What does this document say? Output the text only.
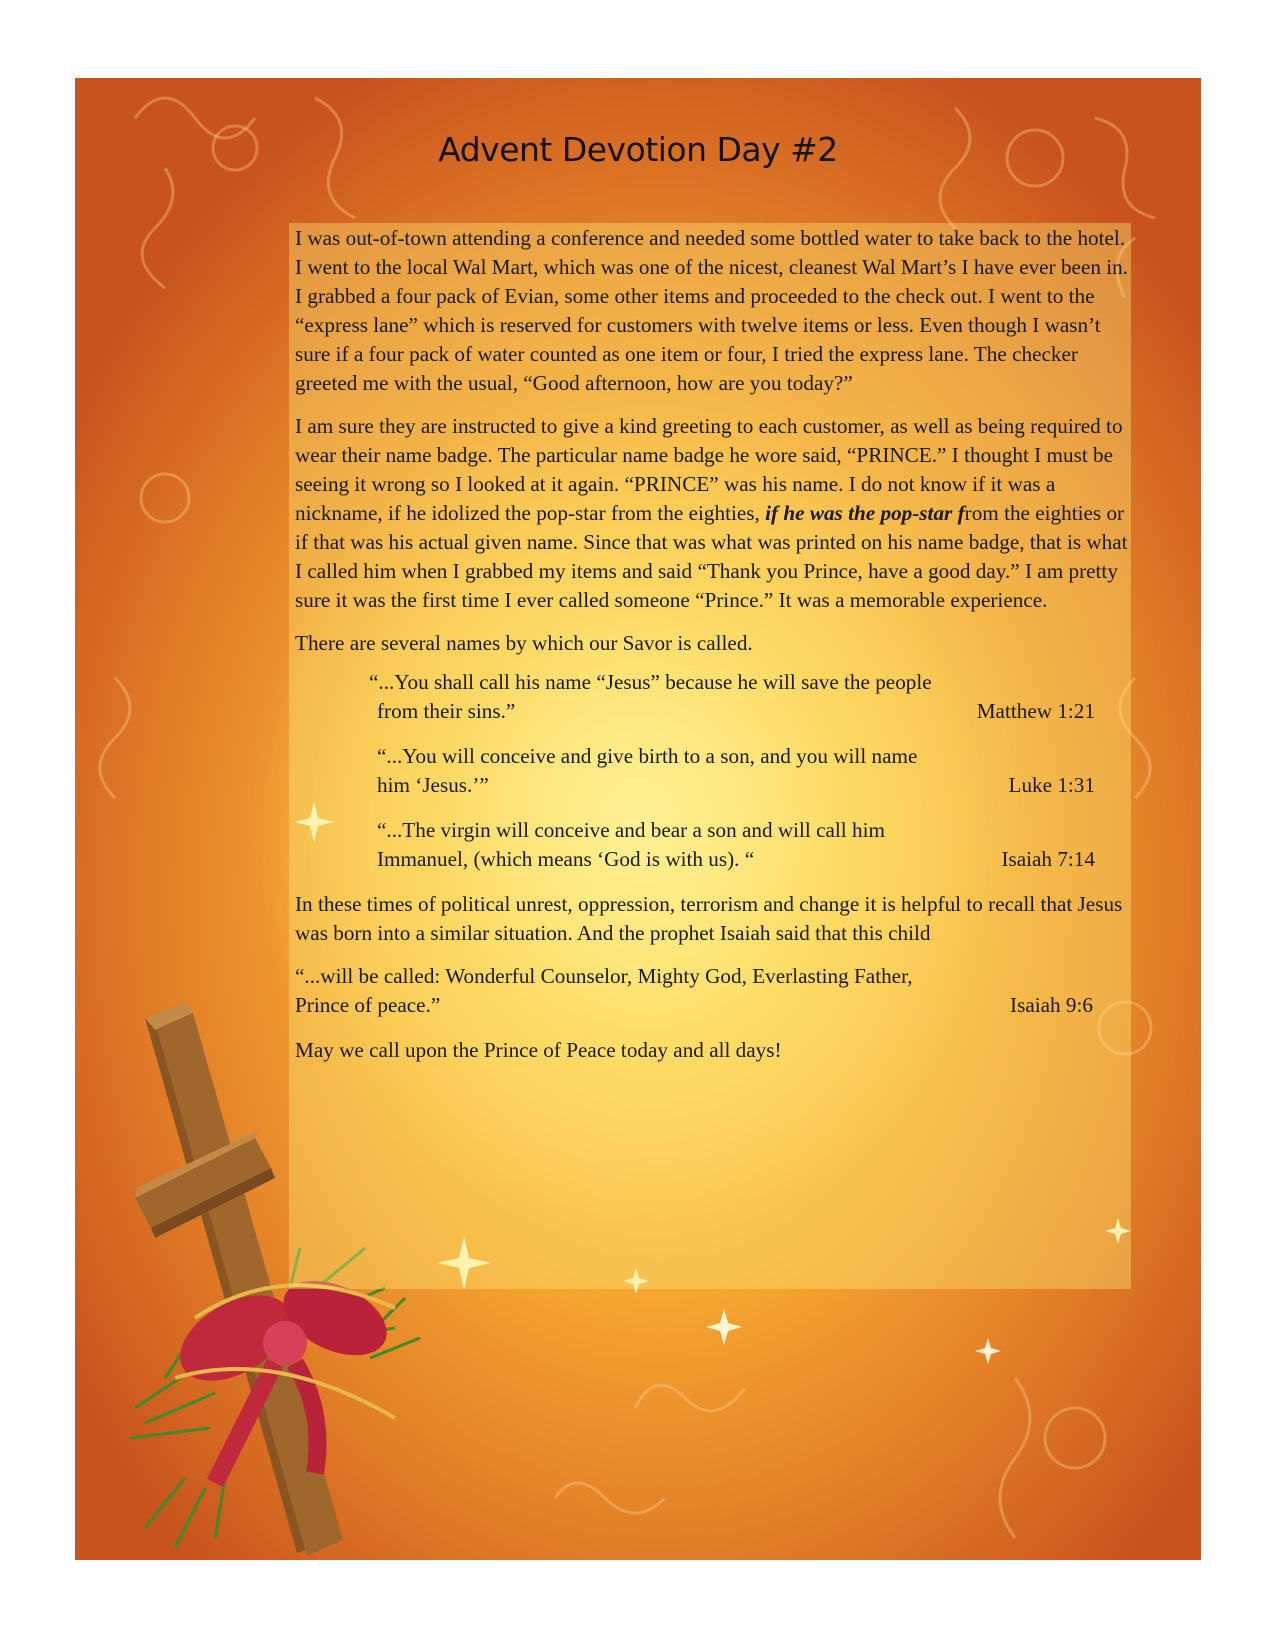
Advent Devotion Day #2

I was out-of-town attending a conference and needed some bottled water to take back to the hotel. I went to the local Wal Mart, which was one of the nicest, cleanest Wal Mart’s I have ever been in. I grabbed a four pack of Evian, some other items and proceeded to the check out. I went to the “express lane” which is reserved for customers with twelve items or less. Even though I wasn’t sure if a four pack of water counted as one item or four, I tried the express lane. The checker greeted me with the usual, “Good afternoon, how are you today?”

I am sure they are instructed to give a kind greeting to each customer, as well as being required to wear their name badge. The particular name badge he wore said, “PRINCE.” I thought I must be seeing it wrong so I looked at it again. “PRINCE” was his name. I do not know if it was a nickname, if he idolized the pop-star from the eighties, if he was the pop-star from the eighties or if that was his actual given name. Since that was what was printed on his name badge, that is what I called him when I grabbed my items and said “Thank you Prince, have a good day.” I am pretty sure it was the first time I ever called someone “Prince.” It was a memorable experience.

There are several names by which our Savor is called.

“...You shall call his name “Jesus” because he will save the people
from their sins.”	Matthew 1:21
“...You will conceive and give birth to a son, and you will name
him ‘Jesus.’”	Luke 1:31
“...The virgin will conceive and bear a son and will call him
Immanuel, (which means ‘God is with us). “	Isaiah 7:14

In these times of political unrest, oppression, terrorism and change it is helpful to recall that Jesus was born into a similar situation. And the prophet Isaiah said that this child

“...will be called: Wonderful Counselor, Mighty God, Everlasting Father,
Prince of peace.”	Isaiah 9:6

May we call upon the Prince of Peace today and all days!
